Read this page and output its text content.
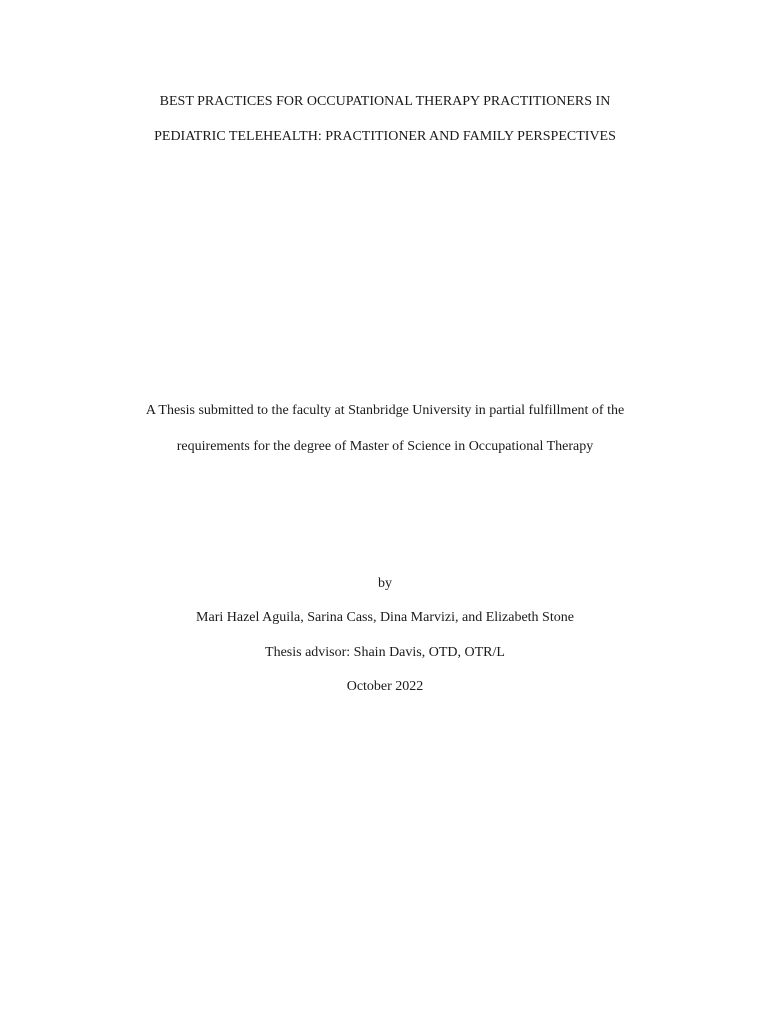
BEST PRACTICES FOR OCCUPATIONAL THERAPY PRACTITIONERS IN
PEDIATRIC TELEHEALTH: PRACTITIONER AND FAMILY PERSPECTIVES
A Thesis submitted to the faculty at Stanbridge University in partial fulfillment of the
requirements for the degree of Master of Science in Occupational Therapy
by
Mari Hazel Aguila, Sarina Cass, Dina Marvizi, and Elizabeth Stone
Thesis advisor: Shain Davis, OTD, OTR/L
October 2022
